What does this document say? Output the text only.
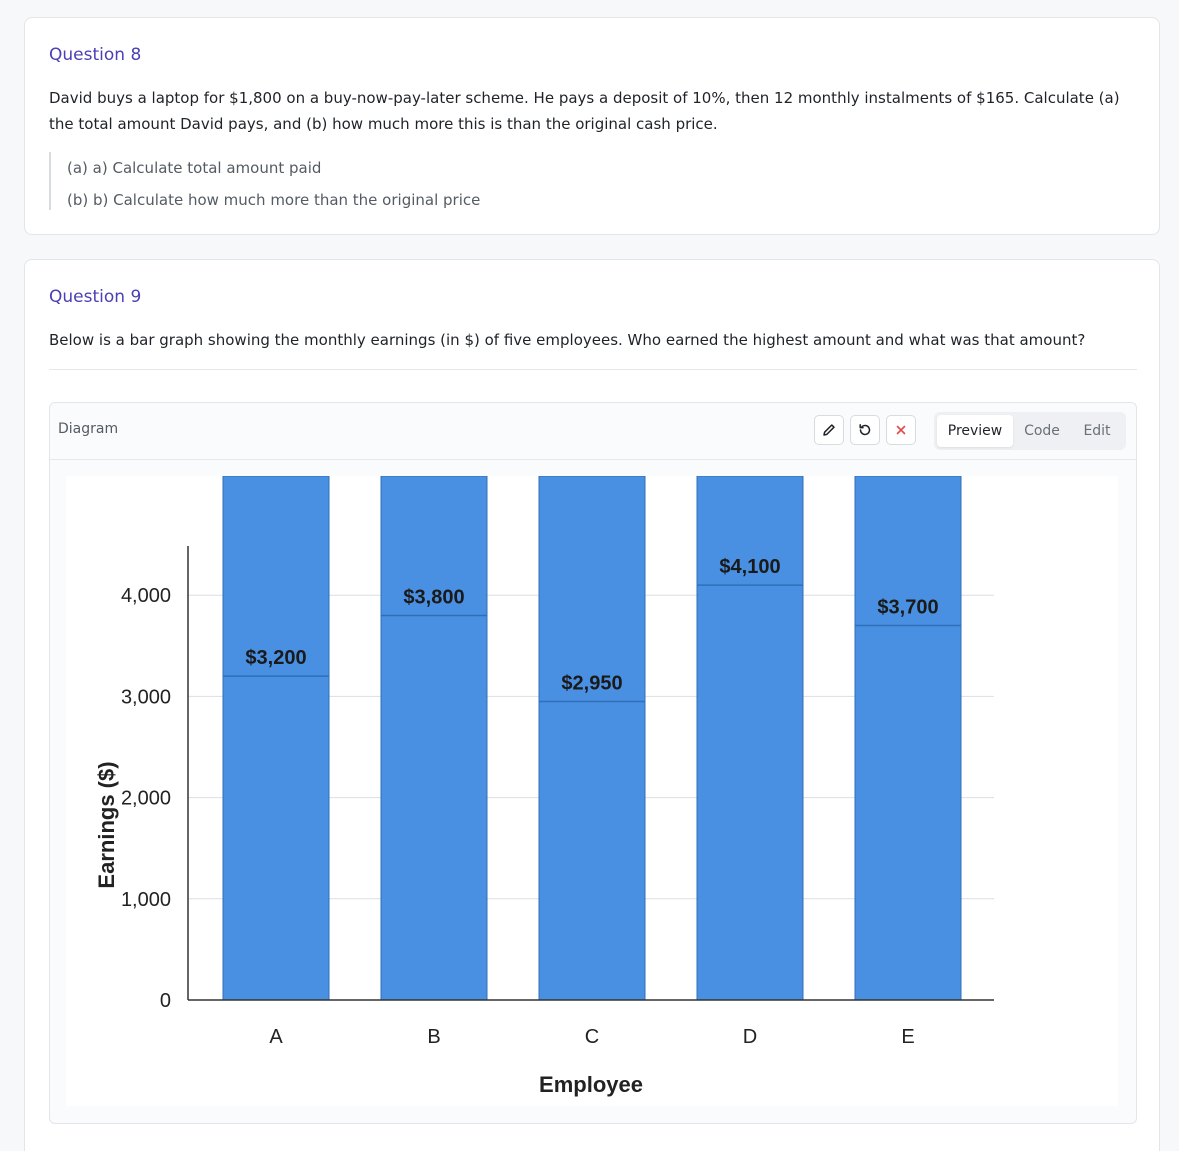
Question 8
David buys a laptop for $1,800 on a buy-now-pay-later scheme. He pays a deposit of 10%, then 12 monthly instalments of $165. Calculate (a) the total amount David pays, and (b) how much more this is than the original cash price.
(a) a) Calculate total amount paid
(b) b) Calculate how much more than the original price
Question 9
Below is a bar graph showing the monthly earnings (in $) of five employees. Who earned the highest amount and what was that amount?
Diagram	Preview	Code	Edit
0
1,000
2,000
3,000
4,000
$3,200
A
$3,800
B
$2,950
C
$4,100
D
$3,700
E
Employee
Earnings ($)
